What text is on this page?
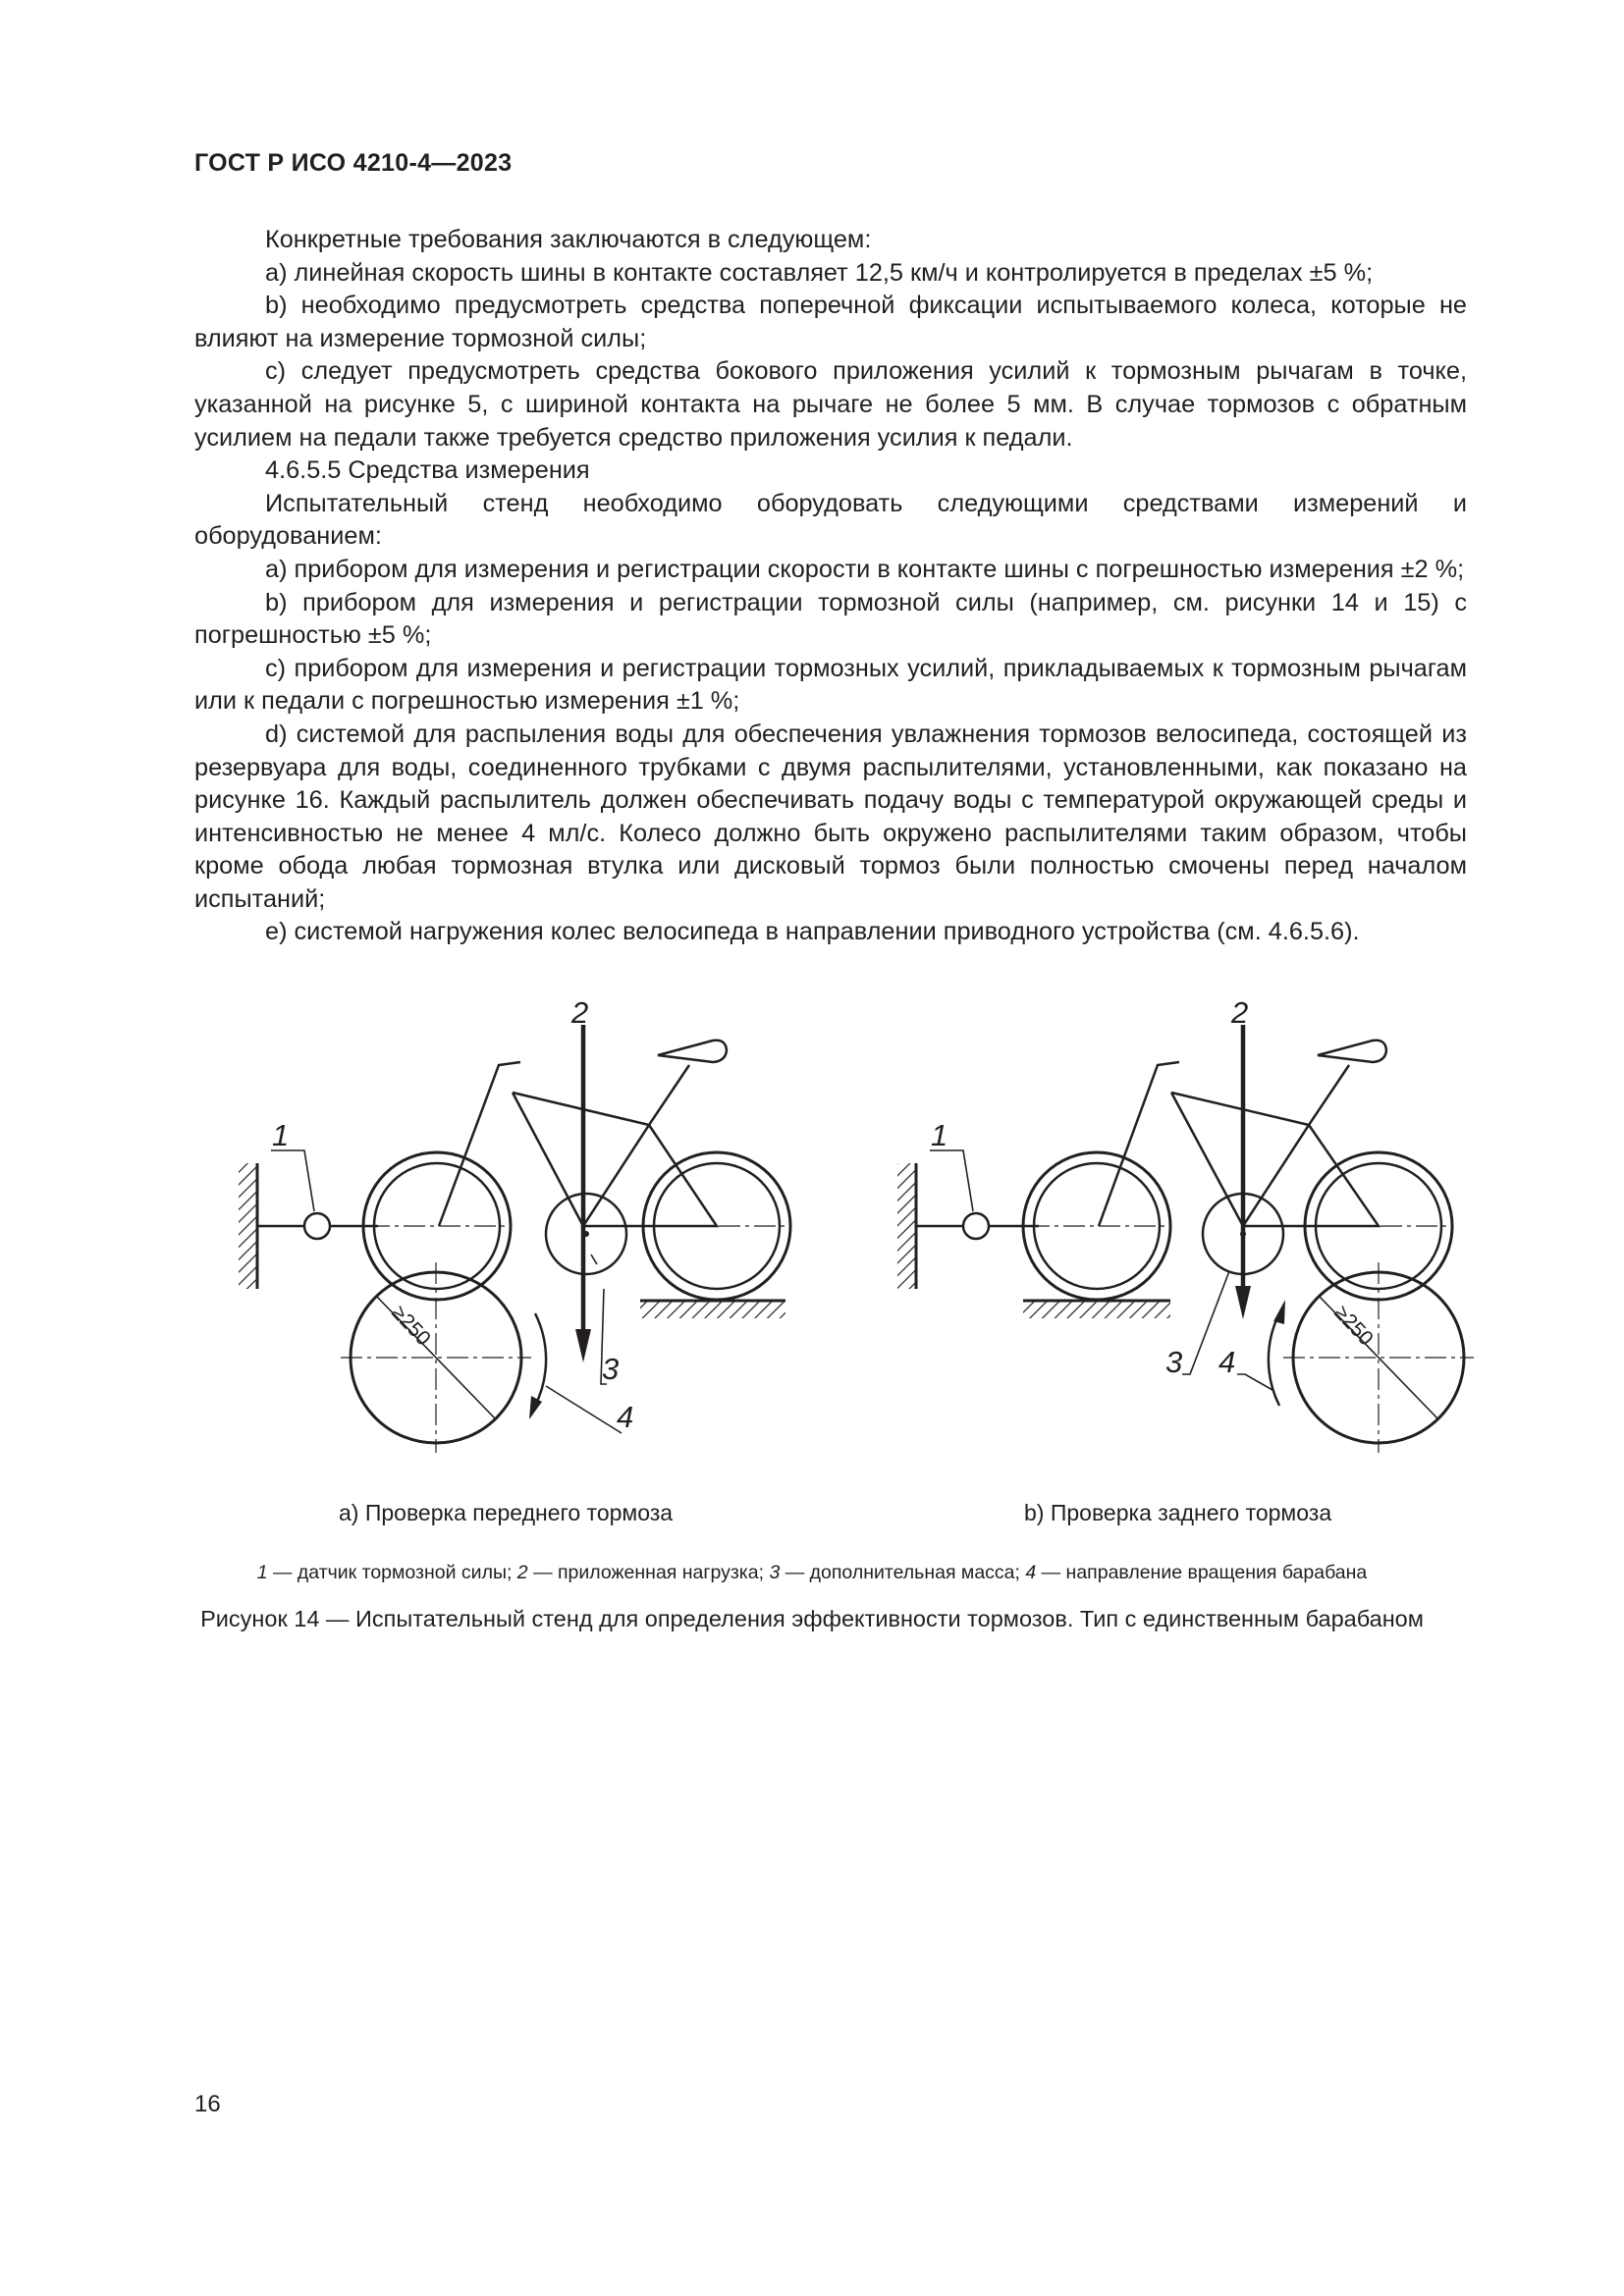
ГОСТ Р ИСО 4210-4—2023

Конкретные требования заключаются в следующем:

a) линейная скорость шины в контакте составляет 12,5 км/ч и контролируется в пределах ±5 %;

b) необходимо предусмотреть средства поперечной фиксации испытываемого колеса, которые не влияют на измерение тормозной силы;

c) следует предусмотреть средства бокового приложения усилий к тормозным рычагам в точке, указанной на рисунке 5, с шириной контакта на рычаге не более 5 мм. В случае тормозов с обратным усилием на педали также требуется средство приложения усилия к педали.

4.6.5.5 Средства измерения

Испытательный стенд необходимо оборудовать следующими средствами измерений и оборудованием:

a) прибором для измерения и регистрации скорости в контакте шины с погрешностью измерения ±2 %;

b) прибором для измерения и регистрации тормозной силы (например, см. рисунки 14 и 15) с погрешностью ±5 %;

c) прибором для измерения и регистрации тормозных усилий, прикладываемых к тормозным рычагам или к педали с погрешностью измерения ±1 %;

d) системой для распыления воды для обеспечения увлажнения тормозов велосипеда, состоящей из резервуара для воды, соединенного трубками с двумя распылителями, установленными, как показано на рисунке 16. Каждый распылитель должен обеспечивать подачу воды с температурой окружающей среды и интенсивностью не менее 4 мл/с. Колесо должно быть окружено распылителями таким образом, чтобы кроме обода любая тормозная втулка или дисковый тормоз были полностью смочены перед началом испытаний;

e) системой нагружения колес велосипеда в направлении приводного устройства (см. 4.6.5.6).

2
1
3
4
≥250
2
1
3 4
≥250
a) Проверка переднего тормоза	b) Проверка заднего тормоза
1 — датчик тормозной силы; 2 — приложенная нагрузка; 3 — дополнительная масса; 4 — направление вращения барабана
Рисунок 14 — Испытательный стенд для определения эффективности тормозов. Тип с единственным барабаном
16
